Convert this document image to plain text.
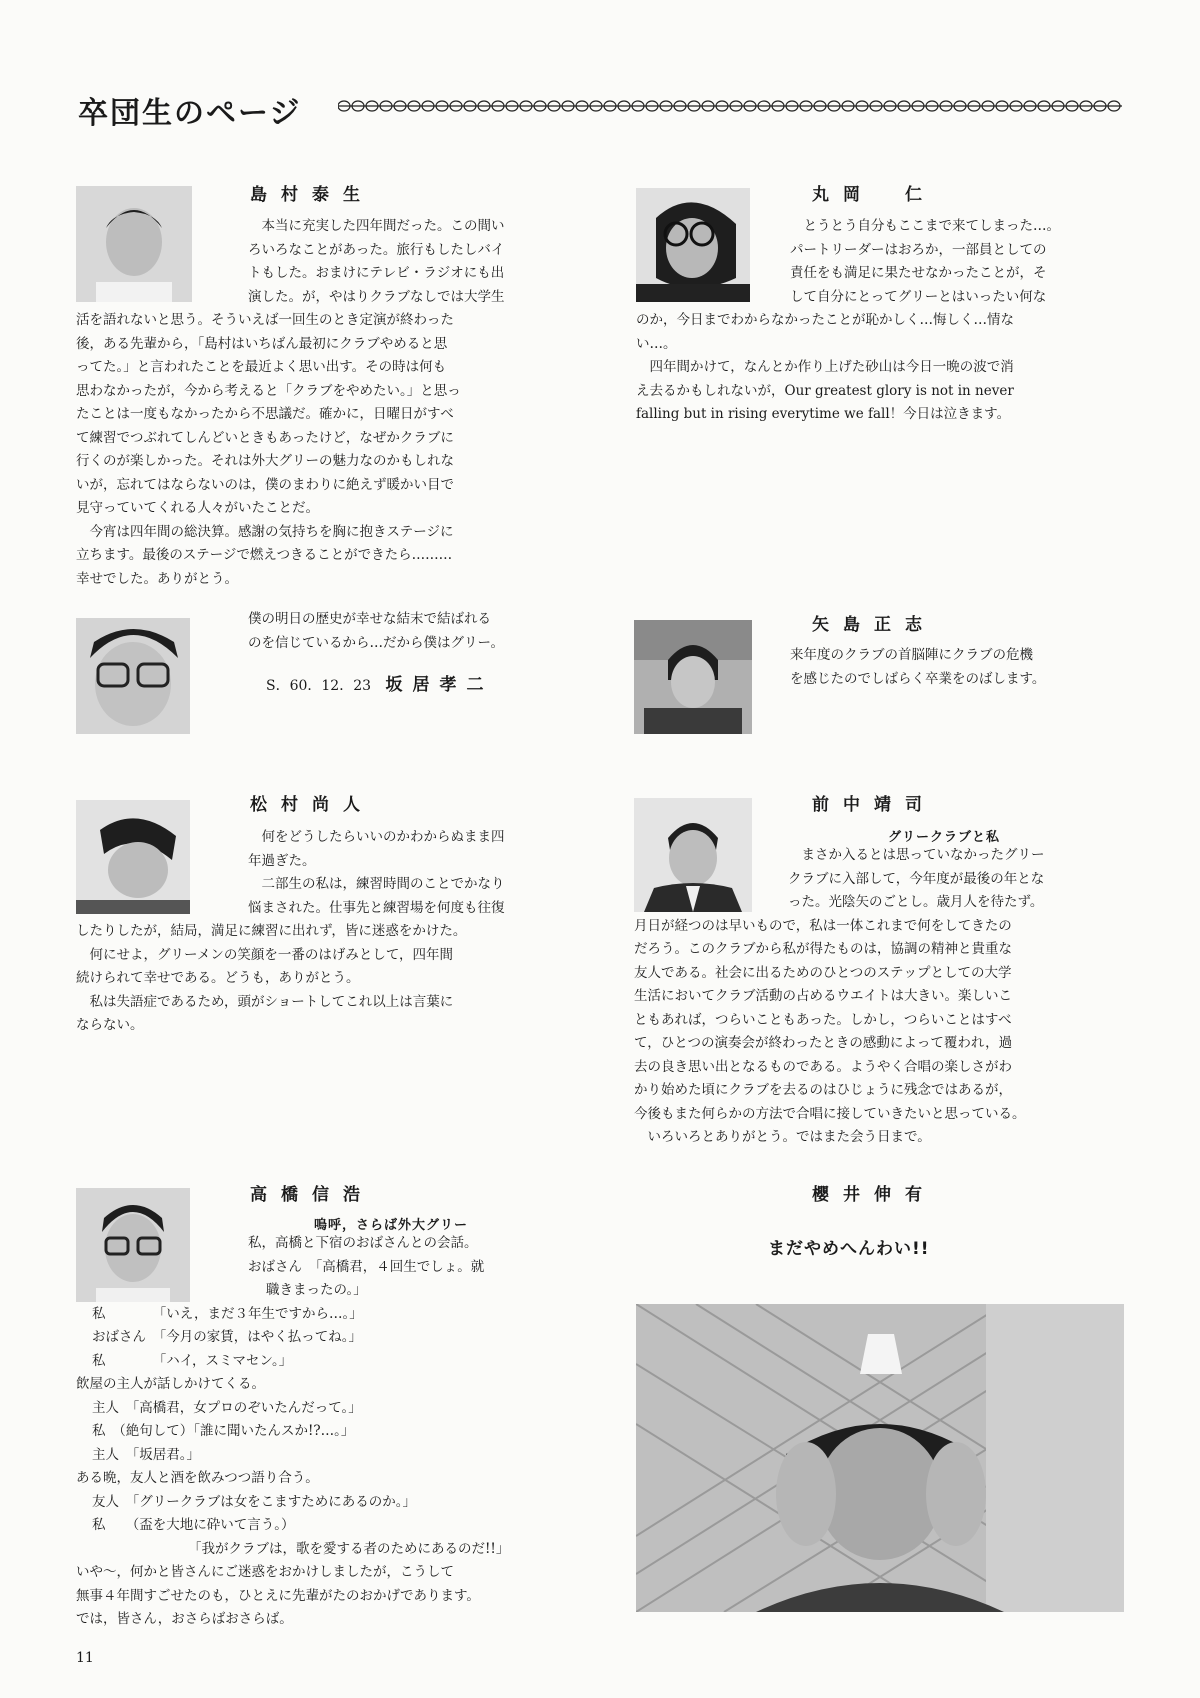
卒団生のページ
島村泰生

本当に充実した四年間だった。この間い

ろいろなことがあった。旅行もしたしバイ

トもした。おまけにテレビ・ラジオにも出

演した。が，やはりクラブなしでは大学生

活を語れないと思う。そういえば一回生のとき定演が終わった

後，ある先輩から，「島村はいちばん最初にクラブやめると思

ってた。」と言われたことを最近よく思い出す。その時は何も

思わなかったが，今から考えると「クラブをやめたい。」と思っ

たことは一度もなかったから不思議だ。確かに，日曜日がすべ

て練習でつぶれてしんどいときもあったけど，なぜかクラブに

行くのが楽しかった。それは外大グリーの魅力なのかもしれな

いが，忘れてはならないのは，僕のまわりに絶えず暖かい目で

見守っていてくれる人々がいたことだ。

今宵は四年間の総決算。感謝の気持ちを胸に抱きステージに

立ちます。最後のステージで燃えつきることができたら………

幸せでした。ありがとう。

丸岡　仁

とうとう自分もここまで来てしまった…。

パートリーダーはおろか，一部員としての

責任をも満足に果たせなかったことが，そ

して自分にとってグリーとはいったい何な

のか，今日までわからなかったことが恥かしく…悔しく…情な

い…。

四年間かけて，なんとか作り上げた砂山は今日一晩の波で消

え去るかもしれないが，Our greatest glory is not in never

falling but in rising everytime we fall！今日は泣きます。

僕の明日の歴史が幸せな結末で結ばれる

のを信じているから…だから僕はグリー。

S．60．12．23 坂居孝二
矢島正志

来年度のクラブの首脳陣にクラブの危機

を感じたのでしばらく卒業をのばします。

松村尚人

何をどうしたらいいのかわからぬまま四

年過ぎた。

二部生の私は，練習時間のことでかなり

悩まされた。仕事先と練習場を何度も往復

したりしたが，結局，満足に練習に出れず，皆に迷惑をかけた。

何にせよ，グリーメンの笑顔を一番のはげみとして，四年間

続けられて幸せである。どうも，ありがとう。

私は失語症であるため，頭がショートしてこれ以上は言葉に

ならない。

前中靖司
グリークラブと私

まさか入るとは思っていなかったグリー

クラブに入部して，今年度が最後の年とな

った。光陰矢のごとし。歳月人を待たず。

月日が経つのは早いもので，私は一体これまで何をしてきたの

だろう。このクラブから私が得たものは，協調の精神と貴重な

友人である。社会に出るためのひとつのステップとしての大学

生活においてクラブ活動の占めるウエイトは大きい。楽しいこ

ともあれば，つらいこともあった。しかし，つらいことはすべ

て，ひとつの演奏会が終わったときの感動によって覆われ，過

去の良き思い出となるものである。ようやく合唱の楽しさがわ

かり始めた頃にクラブを去るのはひじょうに残念ではあるが，

今後もまた何らかの方法で合唱に接していきたいと思っている。

いろいろとありがとう。ではまた会う日まで。

高橋信浩
嗚呼，さらば外大グリー

私，高橋と下宿のおばさんとの会話。

おばさん　「高橋君，４回生でしょ。就

職きまったの。」

私　　　　「いえ，まだ３年生ですから…。」

おばさん　「今月の家賃，はやく払ってね。」

私　　　　「ハイ，スミマセン。」

飲屋の主人が話しかけてくる。

主人　「高橋君，女プロのぞいたんだって。」

私　（絶句して）「誰に聞いたんスか!?…。」

主人　「坂居君。」

ある晩，友人と酒を飲みつつ語り合う。

友人　「グリークラブは女をこますためにあるのか。」

私　　（盃を大地に砕いて言う。）

「我がクラブは，歌を愛する者のためにあるのだ!!」

いや～，何かと皆さんにご迷惑をおかけしましたが，こうして

無事４年間すごせたのも，ひとえに先輩がたのおかげであります。

では，皆さん，おさらばおさらば。

櫻井伸有
まだやめへんわい!!
11
